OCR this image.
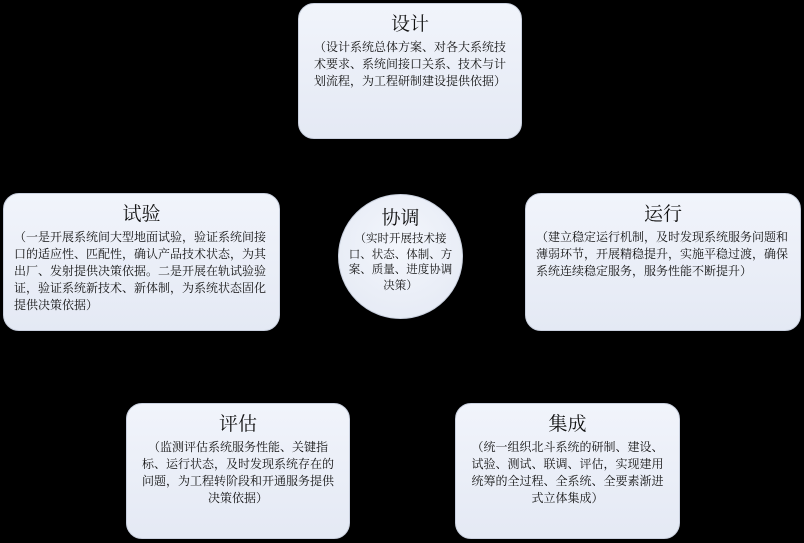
设计
（设计系统总体方案、对各大系统技术要求、系统间接口关系、技术与计划流程，为工程研制建设提供依据）
试验
（一是开展系统间大型地面试验，验证系统间接口的适应性、匹配性，确认产品技术状态，为其出厂、发射提供决策依据。二是开展在轨试验验证，验证系统新技术、新体制，为系统状态固化提供决策依据）
协调
（实时开展技术接口、状态、体制、方案、质量、进度协调决策）
运行
（建立稳定运行机制，及时发现系统服务问题和薄弱环节，开展精稳提升，实施平稳过渡，确保系统连续稳定服务，服务性能不断提升）
评估
（监测评估系统服务性能、关键指标、运行状态，及时发现系统存在的问题，为工程转阶段和开通服务提供决策依据）
集成
（统一组织北斗系统的研制、建设、试验、测试、联调、评估，实现建用统筹的全过程、全系统、全要素渐进式立体集成）
